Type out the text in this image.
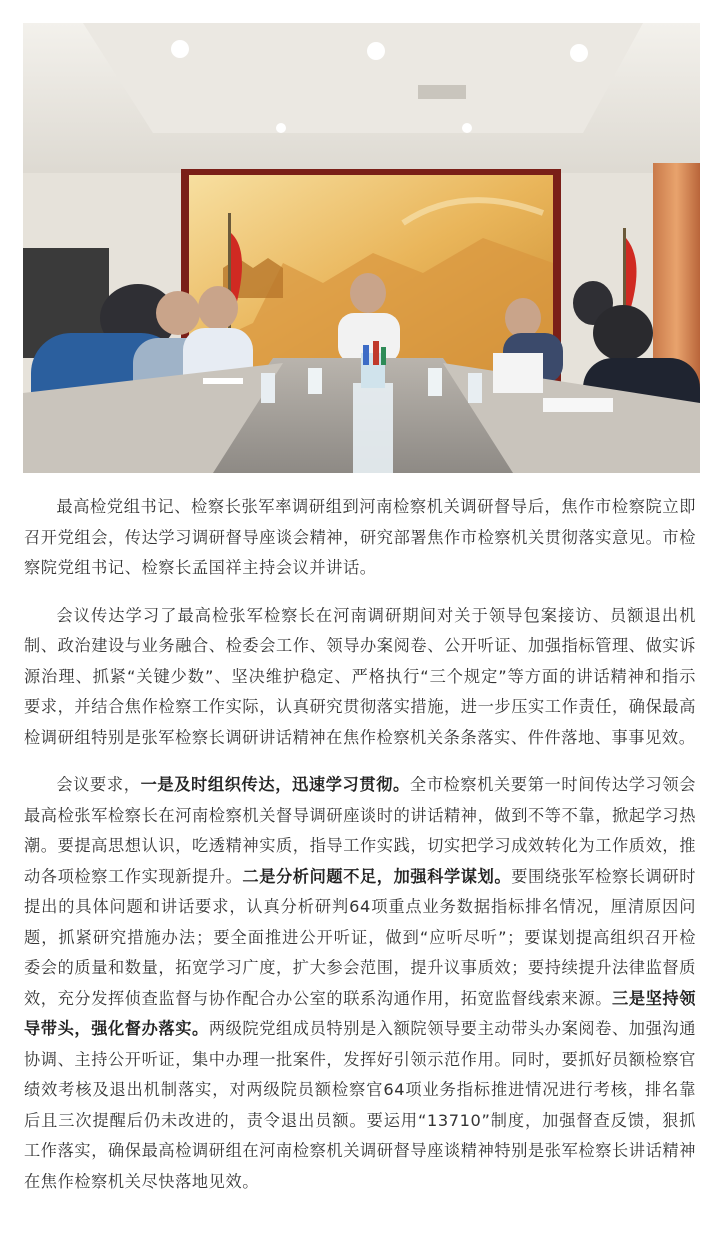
最高检党组书记、检察长张军率调研组到河南检察机关调研督导后，焦作市检察院立即召开党组会，传达学习调研督导座谈会精神，研究部署焦作市检察机关贯彻落实意见。市检察院党组书记、检察长孟国祥主持会议并讲话。

会议传达学习了最高检张军检察长在河南调研期间对关于领导包案接访、员额退出机制、政治建设与业务融合、检委会工作、领导办案阅卷、公开听证、加强指标管理、做实诉源治理、抓紧“关键少数”、坚决维护稳定、严格执行“三个规定”等方面的讲话精神和指示要求，并结合焦作检察工作实际，认真研究贯彻落实措施，进一步压实工作责任，确保最高检调研组特别是张军检察长调研讲话精神在焦作检察机关条条落实、件件落地、事事见效。

会议要求，一是及时组织传达，迅速学习贯彻。全市检察机关要第一时间传达学习领会最高检张军检察长在河南检察机关督导调研座谈时的讲话精神，做到不等不靠，掀起学习热潮。要提高思想认识，吃透精神实质，指导工作实践，切实把学习成效转化为工作质效，推动各项检察工作实现新提升。二是分析问题不足，加强科学谋划。要围绕张军检察长调研时提出的具体问题和讲话要求，认真分析研判64项重点业务数据指标排名情况，厘清原因问题，抓紧研究措施办法；要全面推进公开听证，做到“应听尽听”；要谋划提高组织召开检委会的质量和数量，拓宽学习广度，扩大参会范围，提升议事质效；要持续提升法律监督质效，充分发挥侦查监督与协作配合办公室的联系沟通作用，拓宽监督线索来源。三是坚持领导带头，强化督办落实。两级院党组成员特别是入额院领导要主动带头办案阅卷、加强沟通协调、主持公开听证，集中办理一批案件，发挥好引领示范作用。同时，要抓好员额检察官绩效考核及退出机制落实，对两级院员额检察官64项业务指标推进情况进行考核，排名靠后且三次提醒后仍未改进的，责令退出员额。要运用“13710”制度，加强督查反馈，狠抓工作落实，确保最高检调研组在河南检察机关调研督导座谈精神特别是张军检察长讲话精神在焦作检察机关尽快落地见效。
